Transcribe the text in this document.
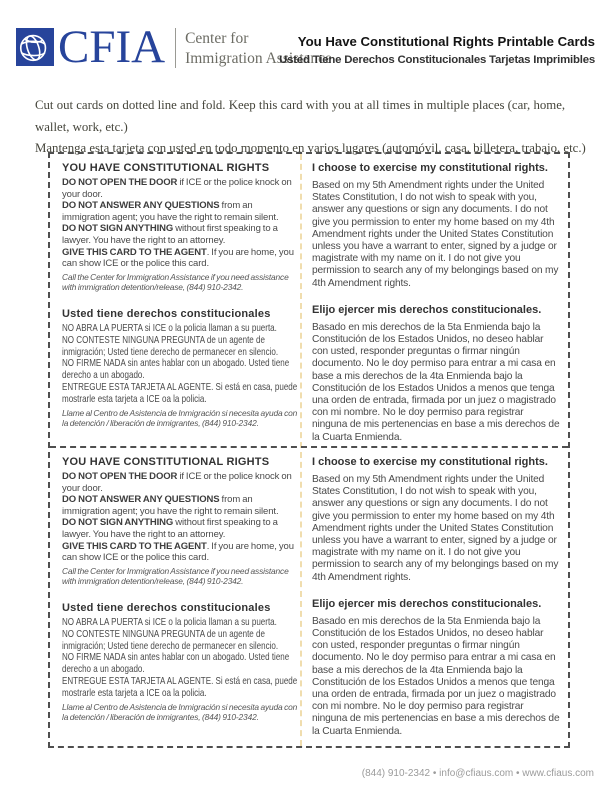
CFIA Center for
Immigration Assistance

You Have Constitutional Rights Printable Cards

Usted Tiene Derechos Constitucionales Tarjetas Imprimibles

Cut out cards on dotted line and fold. Keep this card with you at all times in multiple places (car, home, wallet, work, etc.)

Mantenga esta tarjeta con usted en todo momento en varios lugares (automóvil, casa, billetera, trabajo, etc.)

YOU HAVE CONSTITUTIONAL RIGHTS

DO NOT OPEN THE DOOR if ICE or the police knock on your door.

DO NOT ANSWER ANY QUESTIONS from an immigration agent; you have the right to remain silent.

DO NOT SIGN ANYTHING without first speaking to a lawyer. You have the right to an attorney.

GIVE THIS CARD TO THE AGENT. If you are home, you can show ICE or the police this card.

Call the Center for Immigration Assistance if you need assistance with immigration detention/release, (844) 910-2342.

Usted tiene derechos constitucionales

NO ABRA LA PUERTA si ICE o la policia llaman a su puerta.

NO CONTESTE NINGUNA PREGUNTA de un agente de inmigración; Usted tiene derecho de permanecer en silencio.

NO FIRME NADA sin antes hablar con un abogado. Usted tiene derecho a un abogado.

ENTREGUE ESTA TARJETA AL AGENTE. Si está en casa, puede mostrarle esta tarjeta a ICE oa la policia.

Llame al Centro de Asistencia de Inmigración si necesita ayuda con la detención / liberación de inmigrantes, (844) 910-2342.

I choose to exercise my constitutional rights.

Based on my 5th Amendment rights under the United States Constitution, I do not wish to speak with you, answer any questions or sign any documents. I do not give you permission to enter my home based on my 4th Amendment rights under the United States Constitution unless you have a warrant to enter, signed by a judge or magistrate with my name on it. I do not give you permission to search any of my belongings based on my 4th Amendment rights.

Elijo ejercer mis derechos constitucionales.

Basado en mis derechos de la 5ta Enmienda bajo la Constitución de los Estados Unidos, no deseo hablar con usted, responder preguntas o firmar ningún documento. No le doy permiso para entrar a mi casa en base a mis derechos de la 4ta Enmienda bajo la Constitución de los Estados Unidos a menos que tenga una orden de entrada, firmada por un juez o magistrado con mi nombre. No le doy permiso para registrar ninguna de mis pertenencias en base a mis derechos de la Cuarta Enmienda.

YOU HAVE CONSTITUTIONAL RIGHTS

DO NOT OPEN THE DOOR if ICE or the police knock on your door.

DO NOT ANSWER ANY QUESTIONS from an immigration agent; you have the right to remain silent.

DO NOT SIGN ANYTHING without first speaking to a lawyer. You have the right to an attorney.

GIVE THIS CARD TO THE AGENT. If you are home, you can show ICE or the police this card.

Call the Center for Immigration Assistance if you need assistance with immigration detention/release, (844) 910-2342.

Usted tiene derechos constitucionales

NO ABRA LA PUERTA si ICE o la policia llaman a su puerta.

NO CONTESTE NINGUNA PREGUNTA de un agente de inmigración; Usted tiene derecho de permanecer en silencio.

NO FIRME NADA sin antes hablar con un abogado. Usted tiene derecho a un abogado.

ENTREGUE ESTA TARJETA AL AGENTE. Si está en casa, puede mostrarle esta tarjeta a ICE oa la policia.

Llame al Centro de Asistencia de Inmigración si necesita ayuda con la detención / liberación de inmigrantes, (844) 910-2342.

I choose to exercise my constitutional rights.

Based on my 5th Amendment rights under the United States Constitution, I do not wish to speak with you, answer any questions or sign any documents. I do not give you permission to enter my home based on my 4th Amendment rights under the United States Constitution unless you have a warrant to enter, signed by a judge or magistrate with my name on it. I do not give you permission to search any of my belongings based on my 4th Amendment rights.

Elijo ejercer mis derechos constitucionales.

Basado en mis derechos de la 5ta Enmienda bajo la Constitución de los Estados Unidos, no deseo hablar con usted, responder preguntas o firmar ningún documento. No le doy permiso para entrar a mi casa en base a mis derechos de la 4ta Enmienda bajo la Constitución de los Estados Unidos a menos que tenga una orden de entrada, firmada por un juez o magistrado con mi nombre. No le doy permiso para registrar ninguna de mis pertenencias en base a mis derechos de la Cuarta Enmienda.

(844) 910-2342 • info@cfiaus.com • www.cfiaus.com
